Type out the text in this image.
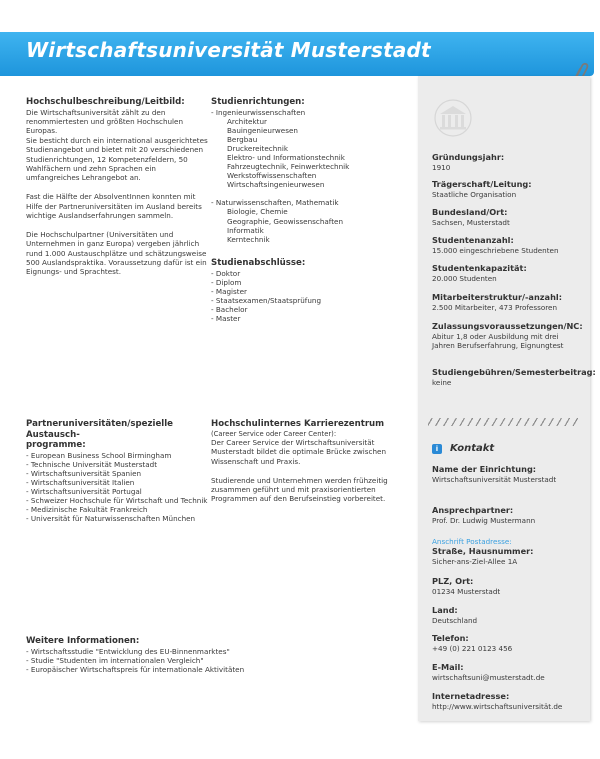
Wirtschaftsuniversität Musterstadt
Hochschulbeschreibung/Leitbild:
Die Wirtschaftsuniversität zählt zu den renommiertesten und größten Hochschulen Europas.
Sie besticht durch ein international ausgerichtetes Studienangebot und bietet mit 20 verschiedenen Studienrichtungen, 12 Kompetenzfeldern, 50 Wahlfächern und zehn Sprachen ein umfangreiches Lehrangebot an.
Fast die Hälfte der AbsolventInnen konnten mit Hilfe der Partneruniversitäten im Ausland bereits wichtige Auslandserfahrungen sammeln.
Die Hochschulpartner (Universitäten und Unternehmen in ganz Europa) vergeben jährlich rund 1.000 Austauschplätze und schätzungsweise 500 Auslandspraktika. Voraussetzung dafür ist ein Eignungs- und Sprachtest.
Studienrichtungen:
- Ingenieurwissenschaften
Architektur
Bauingenieurwesen
Bergbau
Druckereitechnik
Elektro- und Informationstechnik
Fahrzeugtechnik, Feinwerktechnik
Werkstoffwissenschaften
Wirtschaftsingenieurwesen
- Naturwissenschaften, Mathematik
Biologie, Chemie
Geographie, Geowissenschaften
Informatik
Kerntechnik
Studienabschlüsse:
- Doktor
- Diplom
- Magister
- Staatsexamen/Staatsprüfung
- Bachelor
- Master
Partneruniversitäten/spezielle Austausch-
programme:
- European Business School Birmingham
- Technische Universität Musterstadt
- Wirtschaftsuniversität Spanien
- Wirtschaftsuniversität Italien
- Wirtschaftsuniversität Portugal
- Schweizer Hochschule für Wirtschaft und Technik
- Medizinische Fakultät Frankreich
- Universität für Naturwissenschaften München
Hochschulinternes Karrierezentrum
(Career Service oder Career Center):
Der Career Service der Wirtschaftsuniversität Musterstadt bildet die optimale Brücke zwischen Wissenschaft und Praxis.
Studierende und Unternehmen werden frühzeitig zusammen geführt und mit praxisorientierten Programmen auf den Berufseinstieg vorbereitet.
Weitere Informationen:
- Wirtschaftsstudie "Entwicklung des EU-Binnenmarktes"
- Studie "Studenten im internationalen Vergleich"
- Europäischer Wirtschaftspreis für internationale Aktivitäten
Gründungsjahr:
1910
Trägerschaft/Leitung:
Staatliche Organisation
Bundesland/Ort:
Sachsen, Musterstadt
Studentenanzahl:
15.000 eingeschriebene Studenten
Studentenkapazität:
20.000 Studenten
Mitarbeiterstruktur/-anzahl:
2.500 Mitarbeiter, 473 Professoren
Zulassungsvoraussetzungen/NC:
Abitur 1,8 oder Ausbildung mit drei Jahren Berufserfahrung, Eignungtest
Studiengebühren/Semesterbeitrag:
keine
i	Kontakt
Name der Einrichtung:
Wirtschaftsuniversität Musterstadt
Ansprechpartner:
Prof. Dr. Ludwig Mustermann
Anschrift Postadresse:
Straße, Hausnummer:
Sicher-ans-Ziel-Allee 1A
PLZ, Ort:
01234 Musterstadt
Land:
Deutschland
Telefon:
+49 (0) 221 0123 456
E-Mail:
wirtschaftsuni@musterstadt.de
Internetadresse:
http://www.wirtschaftsuniversität.de
